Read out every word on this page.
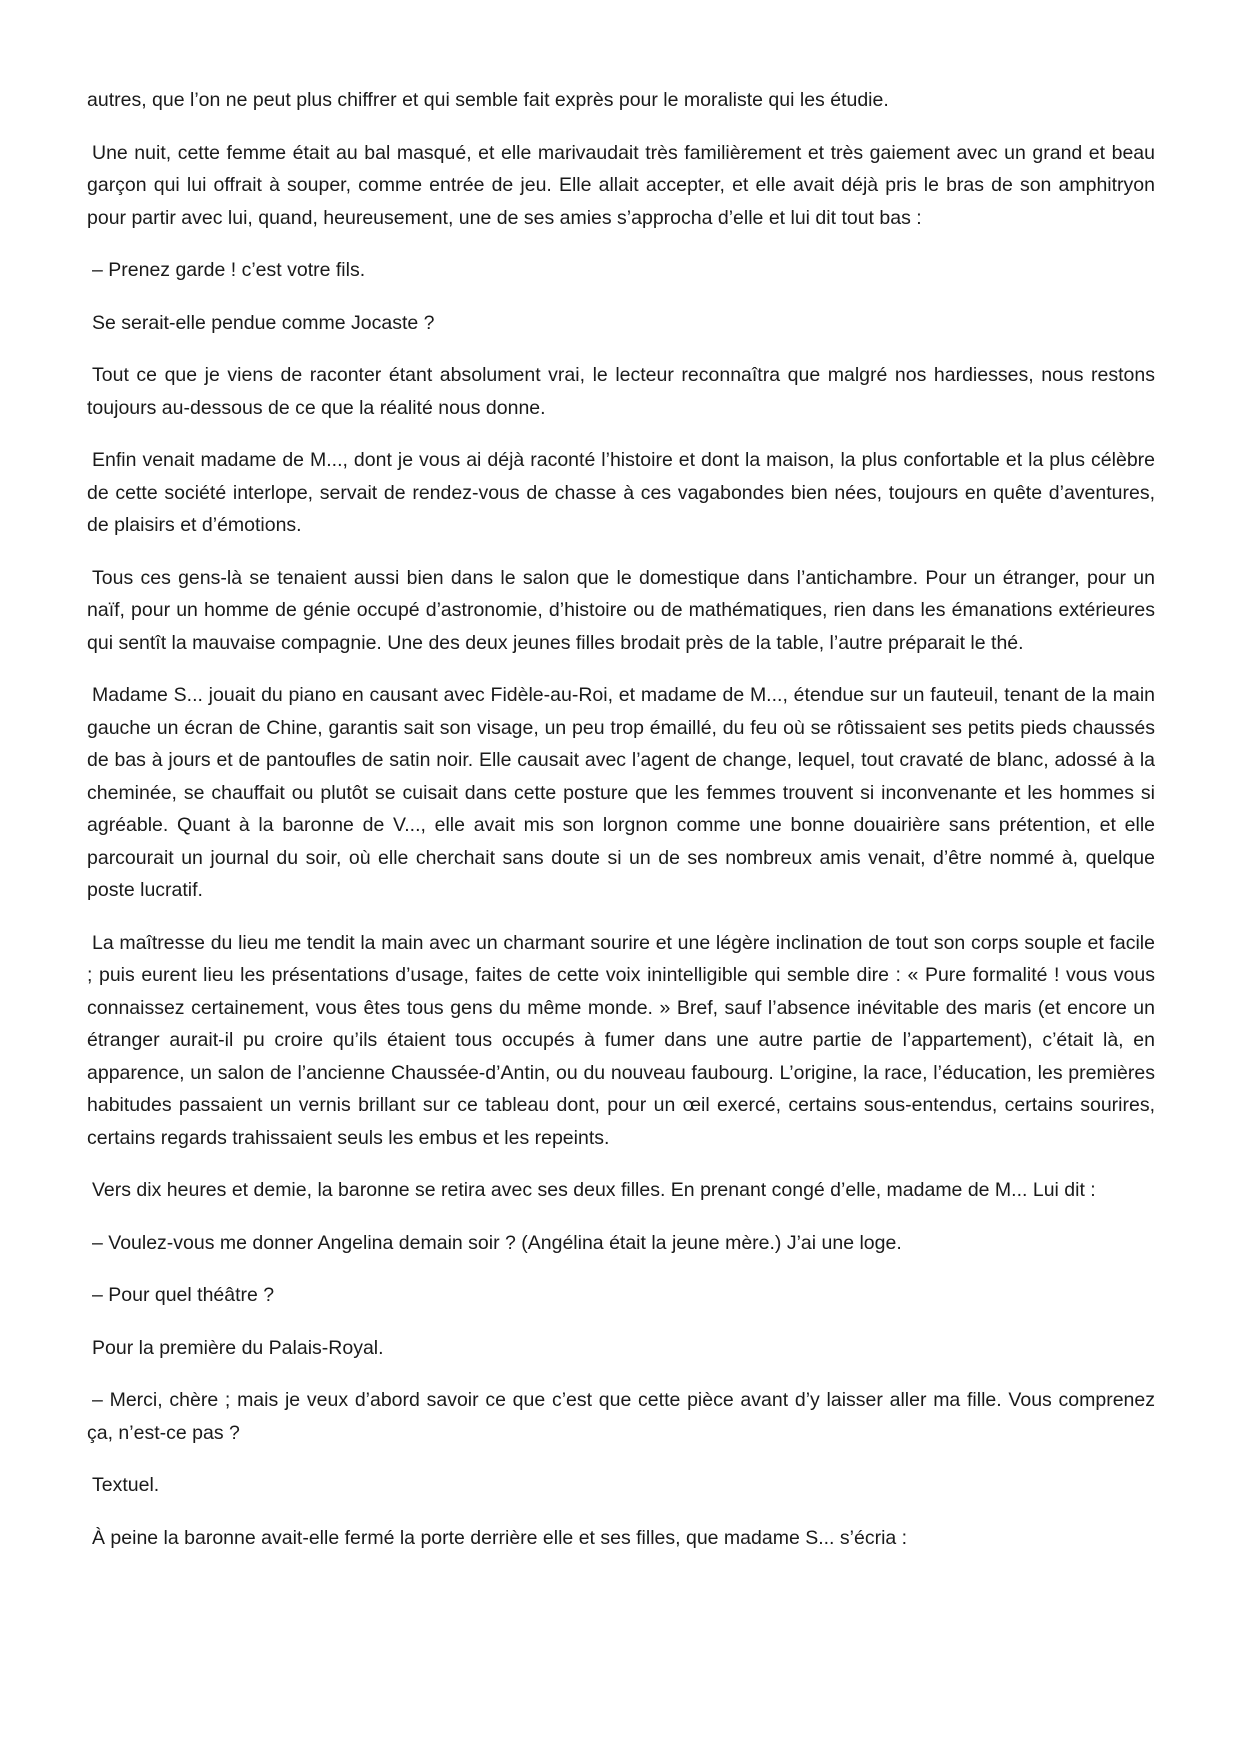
autres, que l’on ne peut plus chiffrer et qui semble fait exprès pour le moraliste qui les étudie.

Une nuit, cette femme était au bal masqué, et elle marivaudait très familièrement et très gaiement avec un grand et beau garçon qui lui offrait à souper, comme entrée de jeu. Elle allait accepter, et elle avait déjà pris le bras de son amphitryon pour partir avec lui, quand, heureusement, une de ses amies s’approcha d’elle et lui dit tout bas :

– Prenez garde ! c’est votre fils.

Se serait-elle pendue comme Jocaste ?

Tout ce que je viens de raconter étant absolument vrai, le lecteur reconnaîtra que malgré nos hardiesses, nous restons toujours au-dessous de ce que la réalité nous donne.

Enfin venait madame de M..., dont je vous ai déjà raconté l’histoire et dont la maison, la plus confortable et la plus célèbre de cette société interlope, servait de rendez-vous de chasse à ces vagabondes bien nées, toujours en quête d’aventures, de plaisirs et d’émotions.

Tous ces gens-là se tenaient aussi bien dans le salon que le domestique dans l’antichambre. Pour un étranger, pour un naïf, pour un homme de génie occupé d’astronomie, d’histoire ou de mathématiques, rien dans les émanations extérieures qui sentît la mauvaise compagnie. Une des deux jeunes filles brodait près de la table, l’autre préparait le thé.

Madame S... jouait du piano en causant avec Fidèle-au-Roi, et madame de M..., étendue sur un fauteuil, tenant de la main gauche un écran de Chine, garantis sait son visage, un peu trop émaillé, du feu où se rôtissaient ses petits pieds chaussés de bas à jours et de pantoufles de satin noir. Elle causait avec l’agent de change, lequel, tout cravaté de blanc, adossé à la cheminée, se chauffait ou plutôt se cuisait dans cette posture que les femmes trouvent si inconvenante et les hommes si agréable. Quant à la baronne de V..., elle avait mis son lorgnon comme une bonne douairière sans prétention, et elle parcourait un journal du soir, où elle cherchait sans doute si un de ses nombreux amis venait, d’être nommé à, quelque poste lucratif.

La maîtresse du lieu me tendit la main avec un charmant sourire et une légère inclination de tout son corps souple et facile ; puis eurent lieu les présentations d’usage, faites de cette voix inintelligible qui semble dire : « Pure formalité ! vous vous connaissez certainement, vous êtes tous gens du même monde. » Bref, sauf l’absence inévitable des maris (et encore un étranger aurait-il pu croire qu’ils étaient tous occupés à fumer dans une autre partie de l’appartement), c’était là, en apparence, un salon de l’ancienne Chaussée-d’Antin, ou du nouveau faubourg. L’origine, la race, l’éducation, les premières habitudes passaient un vernis brillant sur ce tableau dont, pour un œil exercé, certains sous-entendus, certains sourires, certains regards trahissaient seuls les embus et les repeints.

Vers dix heures et demie, la baronne se retira avec ses deux filles. En prenant congé d’elle, madame de M... Lui dit :

– Voulez-vous me donner Angelina demain soir ? (Angélina était la jeune mère.) J’ai une loge.

– Pour quel théâtre ?

Pour la première du Palais-Royal.

– Merci, chère ; mais je veux d’abord savoir ce que c’est que cette pièce avant d’y laisser aller ma fille. Vous comprenez ça, n’est-ce pas ?

Textuel.

À peine la baronne avait-elle fermé la porte derrière elle et ses filles, que madame S... s’écria :
